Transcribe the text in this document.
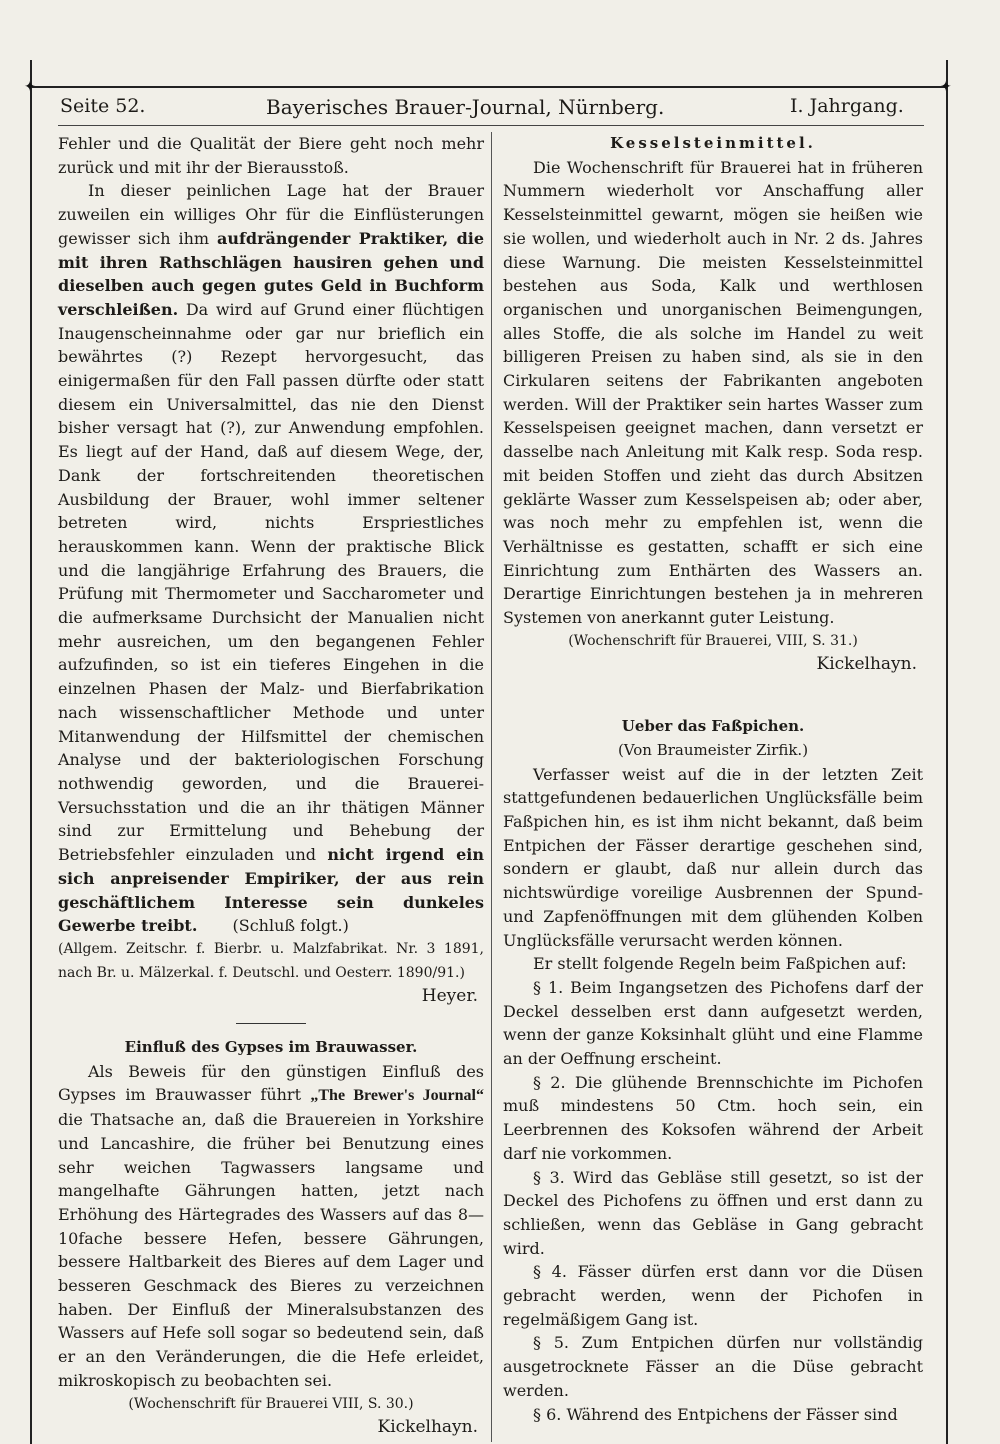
✦	✦
Seite 52.	Bayerisches Brauer-Journal, Nürnberg.	I. Jahrgang.

Fehler und die Qualität der Biere geht noch mehr zurück und mit ihr der Bierausstoß.

In dieser peinlichen Lage hat der Brauer zuweilen ein williges Ohr für die Einflüsterungen gewisser sich ihm aufdrängender Praktiker, die mit ihren Rathschlägen hausiren gehen und dieselben auch gegen gutes Geld in Buchform verschleißen. Da wird auf Grund einer flüchtigen Inaugenscheinnahme oder gar nur brieflich ein bewährtes (?) Rezept hervorgesucht, das einigermaßen für den Fall passen dürfte oder statt diesem ein Universalmittel, das nie den Dienst bisher versagt hat (?), zur Anwendung empfohlen. Es liegt auf der Hand, daß auf diesem Wege, der, Dank der fortschreitenden theoretischen Ausbildung der Brauer, wohl immer seltener betreten wird, nichts Erspriestliches herauskommen kann. Wenn der praktische Blick und die langjährige Erfahrung des Brauers, die Prüfung mit Thermometer und Saccharometer und die aufmerksame Durchsicht der Manualien nicht mehr ausreichen, um den begangenen Fehler aufzufinden, so ist ein tieferes Eingehen in die einzelnen Phasen der Malz- und Bierfabrikation nach wissenschaftlicher Methode und unter Mitanwendung der Hilfsmittel der chemischen Analyse und der bakteriologischen Forschung nothwendig geworden, und die Brauerei-Versuchsstation und die an ihr thätigen Männer sind zur Ermittelung und Behebung der Betriebsfehler einzuladen und nicht irgend ein sich anpreisender Empiriker, der aus rein geschäftlichem Interesse sein dunkeles Gewerbe treibt. (Schluß folgt.)

(Allgem. Zeitschr. f. Bierbr. u. Malzfabrikat. Nr. 3 1891, nach Br. u. Mälzerkal. f. Deutschl. und Oesterr. 1890/91.)

Heyer.

Einfluß des Gypses im Brauwasser.

Als Beweis für den günstigen Einfluß des Gypses im Brauwasser führt „The Brewer's Journal“ die Thatsache an, daß die Brauereien in Yorkshire und Lancashire, die früher bei Benutzung eines sehr weichen Tagwassers langsame und mangelhafte Gährungen hatten, jetzt nach Erhöhung des Härtegrades des Wassers auf das 8—10fache bessere Hefen, bessere Gährungen, bessere Haltbarkeit des Bieres auf dem Lager und besseren Geschmack des Bieres zu verzeichnen haben. Der Einfluß der Mineralsubstanzen des Wassers auf Hefe soll sogar so bedeutend sein, daß er an den Veränderungen, die die Hefe erleidet, mikroskopisch zu beobachten sei.

(Wochenschrift für Brauerei VIII, S. 30.)

Kickelhayn.

Kesselsteinmittel.

Die Wochenschrift für Brauerei hat in früheren Nummern wiederholt vor Anschaffung aller Kesselsteinmittel gewarnt, mögen sie heißen wie sie wollen, und wiederholt auch in Nr. 2 ds. Jahres diese Warnung. Die meisten Kesselsteinmittel bestehen aus Soda, Kalk und werthlosen organischen und unorganischen Beimengungen, alles Stoffe, die als solche im Handel zu weit billigeren Preisen zu haben sind, als sie in den Cirkularen seitens der Fabrikanten angeboten werden. Will der Praktiker sein hartes Wasser zum Kesselspeisen geeignet machen, dann versetzt er dasselbe nach Anleitung mit Kalk resp. Soda resp. mit beiden Stoffen und zieht das durch Absitzen geklärte Wasser zum Kesselspeisen ab; oder aber, was noch mehr zu empfehlen ist, wenn die Verhältnisse es gestatten, schafft er sich eine Einrichtung zum Enthärten des Wassers an. Derartige Einrichtungen bestehen ja in mehreren Systemen von anerkannt guter Leistung.

(Wochenschrift für Brauerei, VIII, S. 31.)

Kickelhayn.

Ueber das Faßpichen.

(Von Braumeister Zirfik.)

Verfasser weist auf die in der letzten Zeit stattgefundenen bedauerlichen Unglücksfälle beim Faßpichen hin, es ist ihm nicht bekannt, daß beim Entpichen der Fässer derartige geschehen sind, sondern er glaubt, daß nur allein durch das nichtswürdige voreilige Ausbrennen der Spund- und Zapfenöffnungen mit dem glühenden Kolben Unglücksfälle verursacht werden können.

Er stellt folgende Regeln beim Faßpichen auf:

§ 1. Beim Ingangsetzen des Pichofens darf der Deckel desselben erst dann aufgesetzt werden, wenn der ganze Koksinhalt glüht und eine Flamme an der Oeffnung erscheint.

§ 2. Die glühende Brennschichte im Pichofen muß mindestens 50 Ctm. hoch sein, ein Leerbrennen des Koksofen während der Arbeit darf nie vorkommen.

§ 3. Wird das Gebläse still gesetzt, so ist der Deckel des Pichofens zu öffnen und erst dann zu schließen, wenn das Gebläse in Gang gebracht wird.

§ 4. Fässer dürfen erst dann vor die Düsen gebracht werden, wenn der Pichofen in regelmäßigem Gang ist.

§ 5. Zum Entpichen dürfen nur vollständig ausgetrocknete Fässer an die Düse gebracht werden.

§ 6. Während des Entpichens der Fässer sind
